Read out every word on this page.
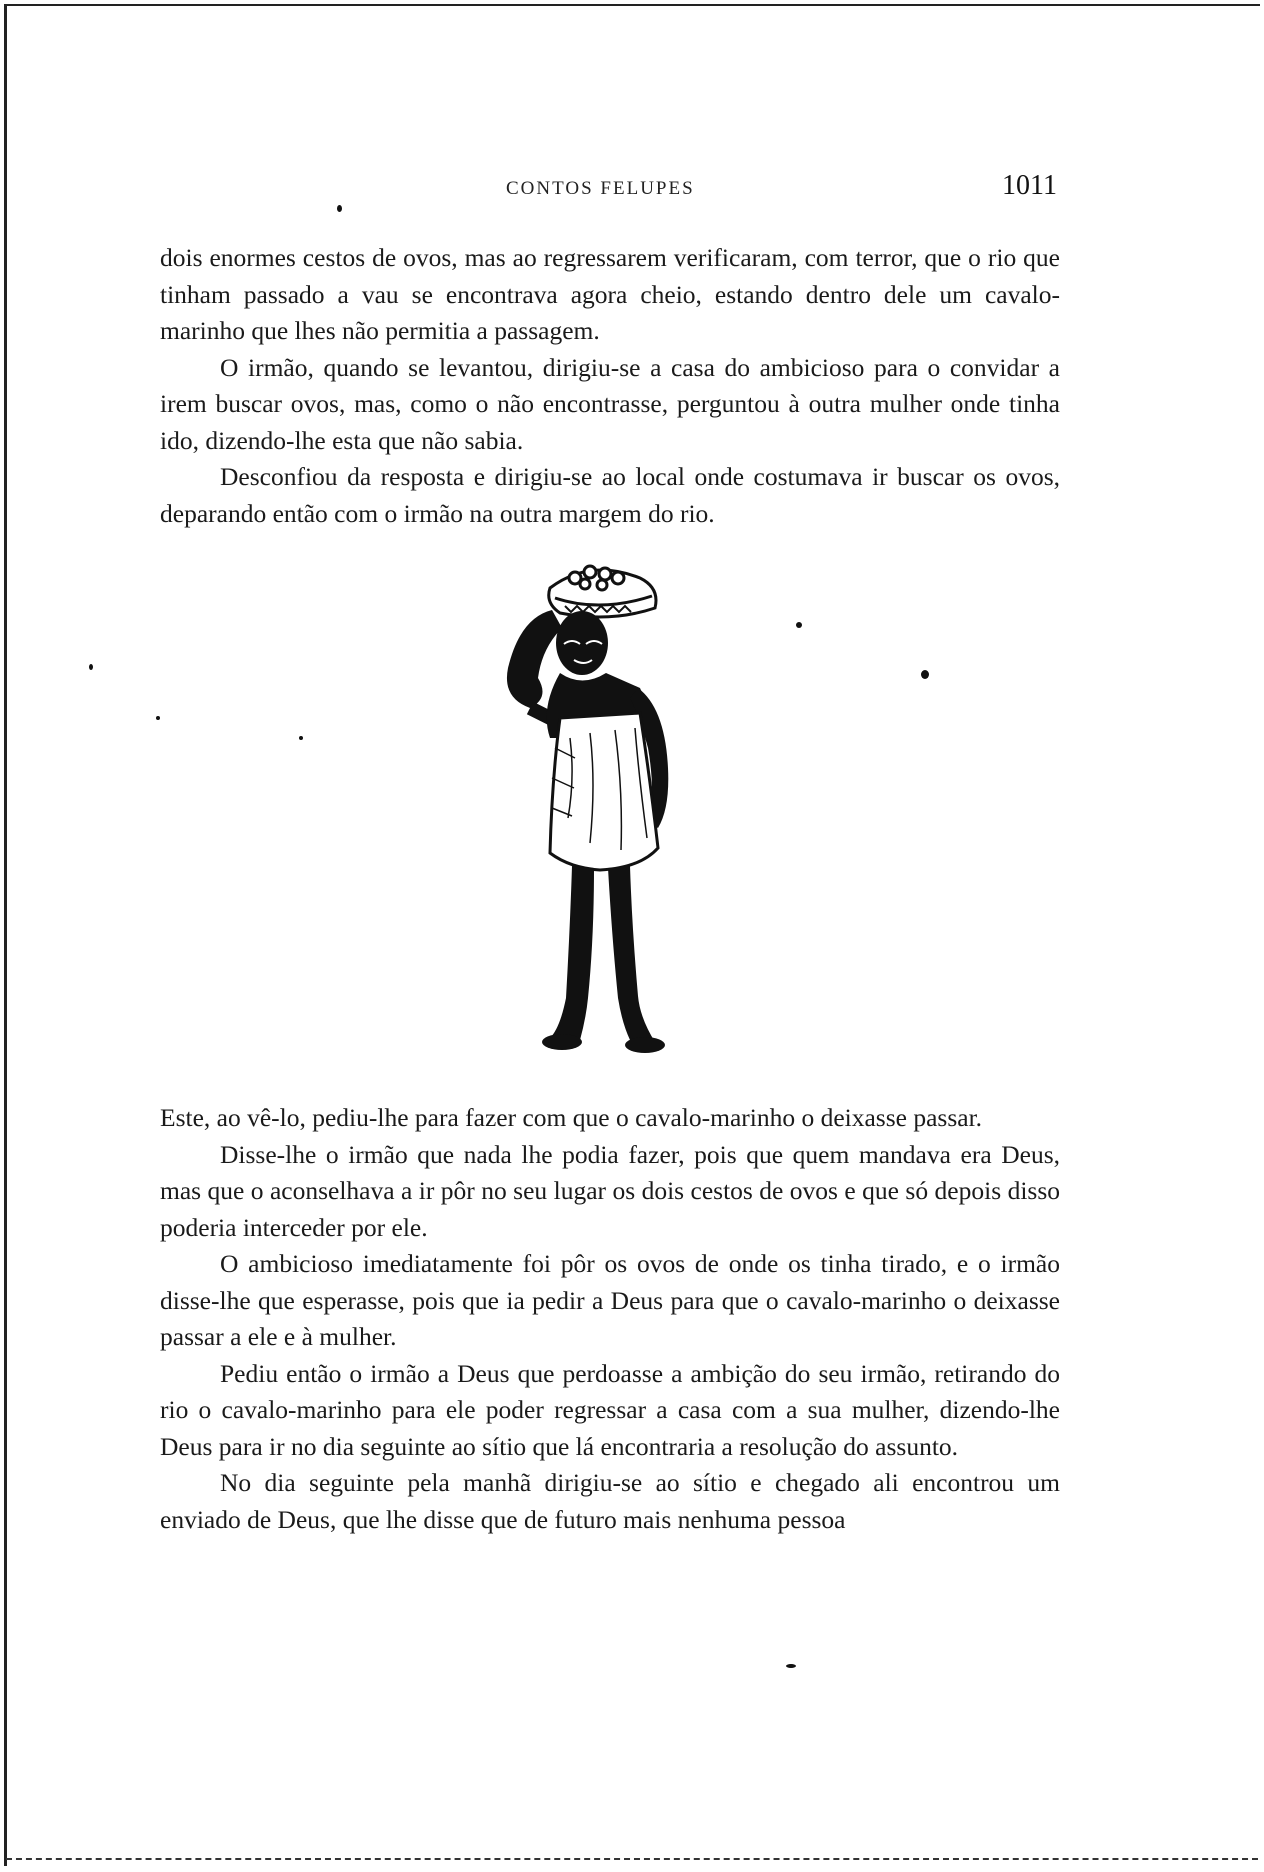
CONTOS FELUPES	1011

dois enormes cestos de ovos, mas ao regressarem verificaram, com terror, que o rio que tinham passado a vau se encontrava agora cheio, estando dentro dele um cavalo-marinho que lhes não permitia a passagem.

O irmão, quando se levantou, dirigiu-se a casa do ambicioso para o convidar a irem buscar ovos, mas, como o não encontrasse, perguntou à outra mulher onde tinha ido, dizendo-lhe esta que não sabia.

Desconfiou da resposta e dirigiu-se ao local onde costumava ir buscar os ovos, deparando então com o irmão na outra margem do rio.

Este, ao vê-lo, pediu-lhe para fazer com que o cavalo-marinho o deixasse passar.

Disse-lhe o irmão que nada lhe podia fazer, pois que quem mandava era Deus, mas que o aconselhava a ir pôr no seu lugar os dois cestos de ovos e que só depois disso poderia interceder por ele.

O ambicioso imediatamente foi pôr os ovos de onde os tinha tirado, e o irmão disse-lhe que esperasse, pois que ia pedir a Deus para que o cavalo-marinho o deixasse passar a ele e à mulher.

Pediu então o irmão a Deus que perdoasse a ambição do seu irmão, retirando do rio o cavalo-marinho para ele poder regressar a casa com a sua mulher, dizendo-lhe Deus para ir no dia seguinte ao sítio que lá encontraria a resolução do assunto.

No dia seguinte pela manhã dirigiu-se ao sítio e chegado ali encontrou um enviado de Deus, que lhe disse que de futuro mais nenhuma pessoa
